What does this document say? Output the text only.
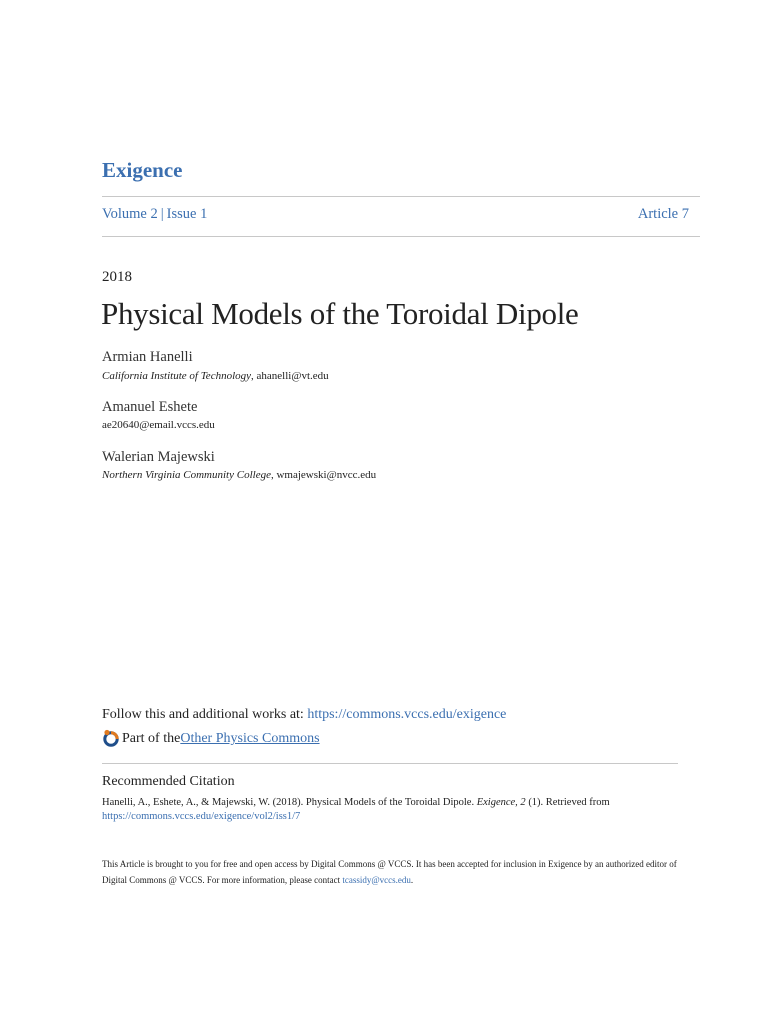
Exigence
Volume 2 | Issue 1	Article 7
2018
Physical Models of the Toroidal Dipole
Armian Hanelli
California Institute of Technology, ahanelli@vt.edu
Amanuel Eshete
ae20640@email.vccs.edu
Walerian Majewski
Northern Virginia Community College, wmajewski@nvcc.edu
Follow this and additional works at: https://commons.vccs.edu/exigence
Part of the Other Physics Commons
Recommended Citation
Hanelli, A., Eshete, A., & Majewski, W. (2018). Physical Models of the Toroidal Dipole. Exigence, 2 (1). Retrieved from
https://commons.vccs.edu/exigence/vol2/iss1/7
This Article is brought to you for free and open access by Digital Commons @ VCCS. It has been accepted for inclusion in Exigence by an authorized editor of Digital Commons @ VCCS. For more information, please contact tcassidy@vccs.edu.
